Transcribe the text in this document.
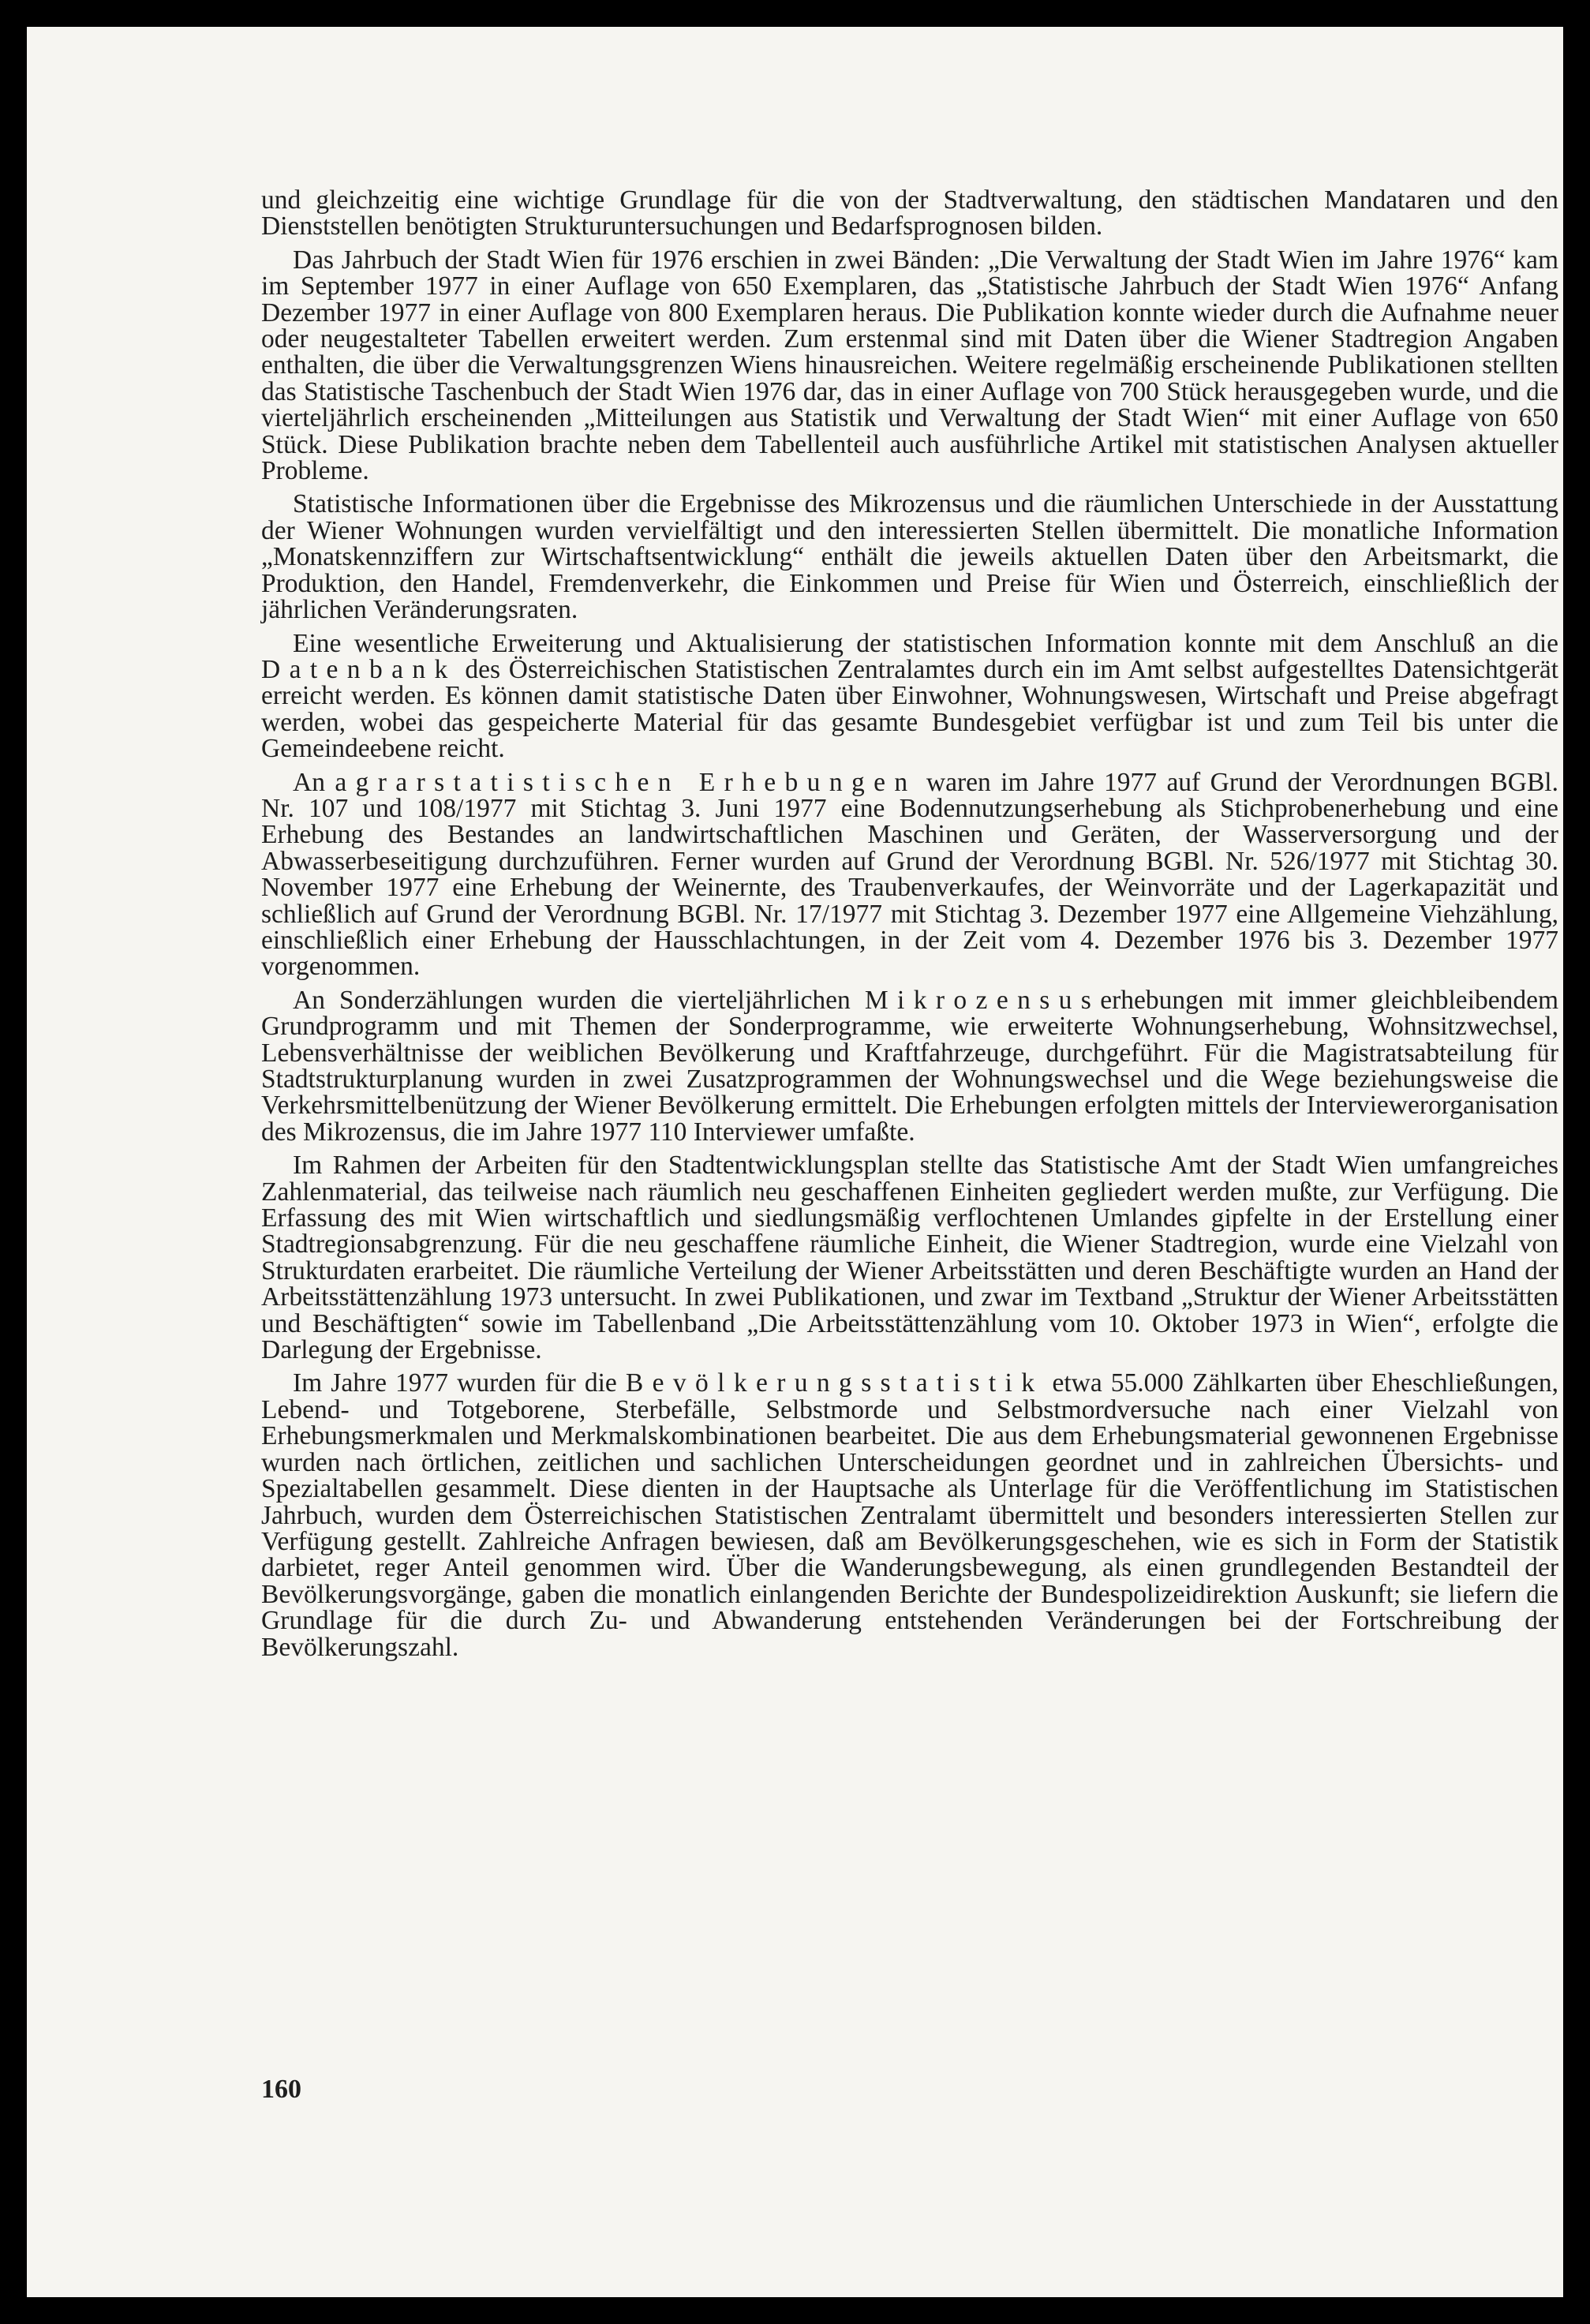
und gleichzeitig eine wichtige Grundlage für die von der Stadtverwaltung, den städtischen Mandataren und den Dienststellen benötigten Strukturuntersuchungen und Bedarfsprognosen bilden.

Das Jahrbuch der Stadt Wien für 1976 erschien in zwei Bänden: „Die Verwaltung der Stadt Wien im Jahre 1976“ kam im September 1977 in einer Auflage von 650 Exemplaren, das „Statistische Jahrbuch der Stadt Wien 1976“ Anfang Dezember 1977 in einer Auflage von 800 Exemplaren heraus. Die Publikation konnte wieder durch die Aufnahme neuer oder neugestalteter Tabellen erweitert werden. Zum erstenmal sind mit Daten über die Wiener Stadtregion Angaben enthalten, die über die Verwaltungsgrenzen Wiens hinausreichen. Weitere regelmäßig erscheinende Publikationen stellten das Statistische Taschenbuch der Stadt Wien 1976 dar, das in einer Auflage von 700 Stück herausgegeben wurde, und die vierteljährlich erscheinenden „Mitteilungen aus Statistik und Verwaltung der Stadt Wien“ mit einer Auflage von 650 Stück. Diese Publikation brachte neben dem Tabellenteil auch ausführliche Artikel mit statistischen Analysen aktueller Probleme.

Statistische Informationen über die Ergebnisse des Mikrozensus und die räumlichen Unterschiede in der Ausstattung der Wiener Wohnungen wurden vervielfältigt und den interessierten Stellen übermittelt. Die monatliche Information „Monatskennziffern zur Wirtschaftsentwicklung“ enthält die jeweils aktuellen Daten über den Arbeitsmarkt, die Produktion, den Handel, Fremdenverkehr, die Einkommen und Preise für Wien und Österreich, einschließlich der jährlichen Veränderungsraten.

Eine wesentliche Erweiterung und Aktualisierung der statistischen Information konnte mit dem Anschluß an die Datenbank des Österreichischen Statistischen Zentralamtes durch ein im Amt selbst aufgestelltes Datensichtgerät erreicht werden. Es können damit statistische Daten über Einwohner, Wohnungswesen, Wirtschaft und Preise abgefragt werden, wobei das gespeicherte Material für das gesamte Bundesgebiet verfügbar ist und zum Teil bis unter die Gemeindeebene reicht.

An agrarstatistischen Erhebungen waren im Jahre 1977 auf Grund der Verordnungen BGBl. Nr. 107 und 108/1977 mit Stichtag 3. Juni 1977 eine Bodennutzungserhebung als Stichprobenerhebung und eine Erhebung des Bestandes an landwirtschaftlichen Maschinen und Geräten, der Wasserversorgung und der Abwasserbeseitigung durchzuführen. Ferner wurden auf Grund der Verordnung BGBl. Nr. 526/1977 mit Stichtag 30. November 1977 eine Erhebung der Weinernte, des Traubenverkaufes, der Weinvorräte und der Lagerkapazität und schließlich auf Grund der Verordnung BGBl. Nr. 17/1977 mit Stichtag 3. Dezember 1977 eine Allgemeine Viehzählung, einschließlich einer Erhebung der Hausschlachtungen, in der Zeit vom 4. Dezember 1976 bis 3. Dezember 1977 vorgenommen.

An Sonderzählungen wurden die vierteljährlichen Mikrozensuserhebungen mit immer gleichbleibendem Grundprogramm und mit Themen der Sonderprogramme, wie erweiterte Wohnungserhebung, Wohnsitzwechsel, Lebensverhältnisse der weiblichen Bevölkerung und Kraftfahrzeuge, durchgeführt. Für die Magistratsabteilung für Stadtstrukturplanung wurden in zwei Zusatzprogrammen der Wohnungswechsel und die Wege beziehungsweise die Verkehrsmittelbenützung der Wiener Bevölkerung ermittelt. Die Erhebungen erfolgten mittels der Interviewerorganisation des Mikrozensus, die im Jahre 1977 110 Interviewer umfaßte.

Im Rahmen der Arbeiten für den Stadtentwicklungsplan stellte das Statistische Amt der Stadt Wien umfangreiches Zahlenmaterial, das teilweise nach räumlich neu geschaffenen Einheiten gegliedert werden mußte, zur Verfügung. Die Erfassung des mit Wien wirtschaftlich und siedlungsmäßig verflochtenen Umlandes gipfelte in der Erstellung einer Stadtregionsabgrenzung. Für die neu geschaffene räumliche Einheit, die Wiener Stadtregion, wurde eine Vielzahl von Strukturdaten erarbeitet. Die räumliche Verteilung der Wiener Arbeitsstätten und deren Beschäftigte wurden an Hand der Arbeitsstättenzählung 1973 untersucht. In zwei Publikationen, und zwar im Textband „Struktur der Wiener Arbeitsstätten und Beschäftigten“ sowie im Tabellenband „Die Arbeitsstättenzählung vom 10. Oktober 1973 in Wien“, erfolgte die Darlegung der Ergebnisse.

Im Jahre 1977 wurden für die Bevölkerungsstatistik etwa 55.000 Zählkarten über Eheschließungen, Lebend- und Totgeborene, Sterbefälle, Selbstmorde und Selbstmordversuche nach einer Vielzahl von Erhebungsmerkmalen und Merkmalskombinationen bearbeitet. Die aus dem Erhebungsmaterial gewonnenen Ergebnisse wurden nach örtlichen, zeitlichen und sachlichen Unterscheidungen geordnet und in zahlreichen Übersichts- und Spezialtabellen gesammelt. Diese dienten in der Hauptsache als Unterlage für die Veröffentlichung im Statistischen Jahrbuch, wurden dem Österreichischen Statistischen Zentralamt übermittelt und besonders interessierten Stellen zur Verfügung gestellt. Zahlreiche Anfragen bewiesen, daß am Bevölkerungsgeschehen, wie es sich in Form der Statistik darbietet, reger Anteil genommen wird. Über die Wanderungsbewegung, als einen grundlegenden Bestandteil der Bevölkerungsvorgänge, gaben die monatlich einlangenden Berichte der Bundespolizeidirektion Auskunft; sie liefern die Grundlage für die durch Zu- und Abwanderung entstehenden Veränderungen bei der Fortschreibung der Bevölkerungszahl.

160
